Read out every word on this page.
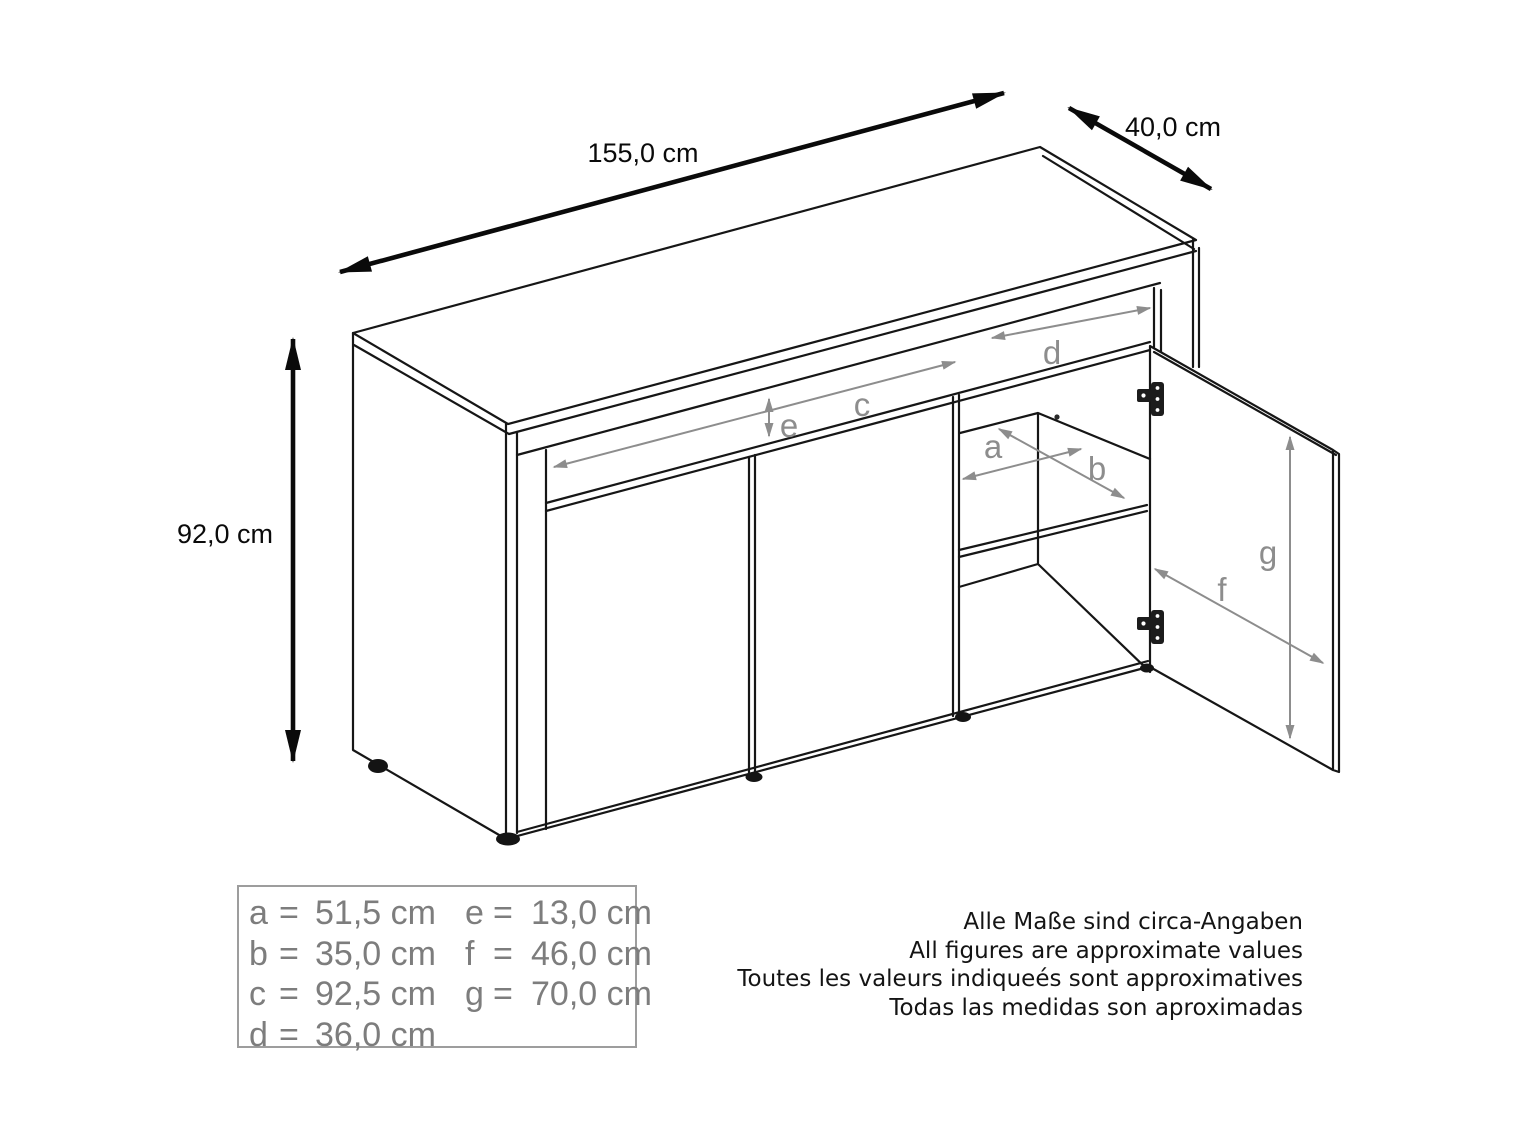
155,0 cm
40,0 cm
92,0 cm
a
b
c
d
e
f
g
a = 51,5 cm e = 13,0 cm
b = 35,0 cm f = 46,0 cm
c = 92,5 cm g = 70,0 cm
d = 36,0 cm
Alle Maße sind circa-Angaben
All figures are approximate values
Toutes les valeurs indiqueés sont approximatives
Todas las medidas son aproximadas
